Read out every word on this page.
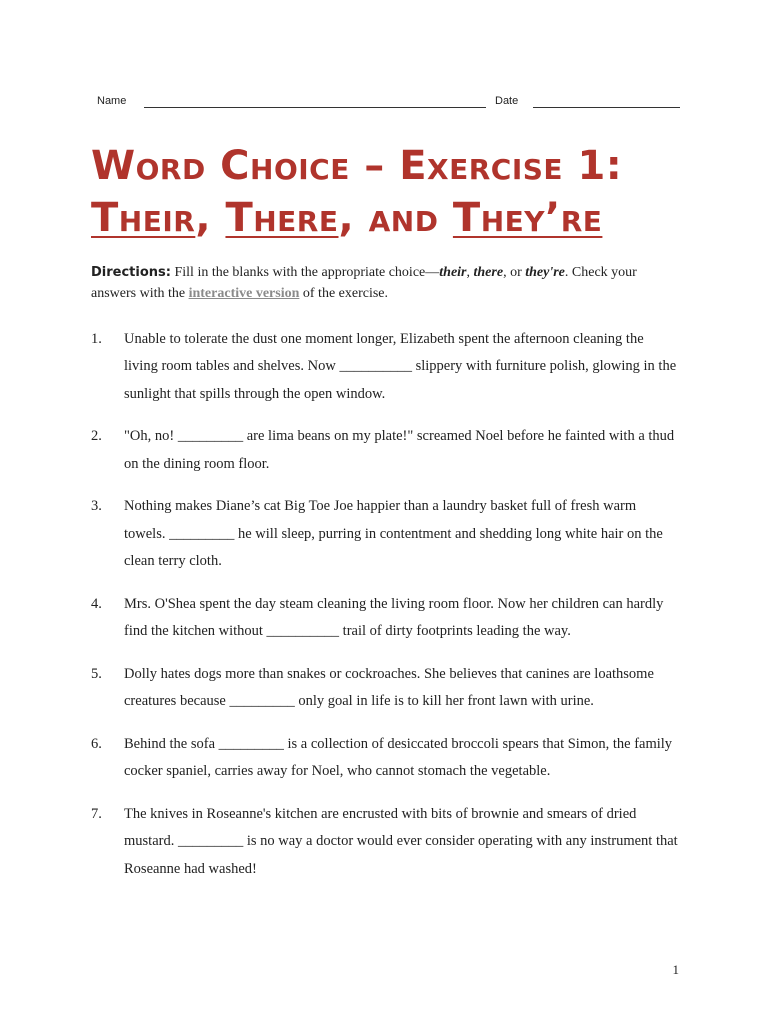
Name	Date
Word Choice – Exercise 1:
Their, There, and They’re
Directions: Fill in the blanks with the appropriate choice—their, there, or they're. Check your answers with the interactive version of the exercise.
1. Unable to tolerate the dust one moment longer, Elizabeth spent the afternoon cleaning the living room tables and shelves. Now __________ slippery with furniture polish, glowing in the sunlight that spills through the open window.
2. "Oh, no! _________ are lima beans on my plate!" screamed Noel before he fainted with a thud on the dining room floor.
3. Nothing makes Diane’s cat Big Toe Joe happier than a laundry basket full of fresh warm towels. _________ he will sleep, purring in contentment and shedding long white hair on the clean terry cloth.
4. Mrs. O'Shea spent the day steam cleaning the living room floor. Now her children can hardly find the kitchen without __________ trail of dirty footprints leading the way.
5. Dolly hates dogs more than snakes or cockroaches. She believes that canines are loathsome creatures because _________ only goal in life is to kill her front lawn with urine.
6. Behind the sofa _________ is a collection of desiccated broccoli spears that Simon, the family cocker spaniel, carries away for Noel, who cannot stomach the vegetable.
7. The knives in Roseanne's kitchen are encrusted with bits of brownie and smears of dried mustard. _________ is no way a doctor would ever consider operating with any instrument that Roseanne had washed!
1
